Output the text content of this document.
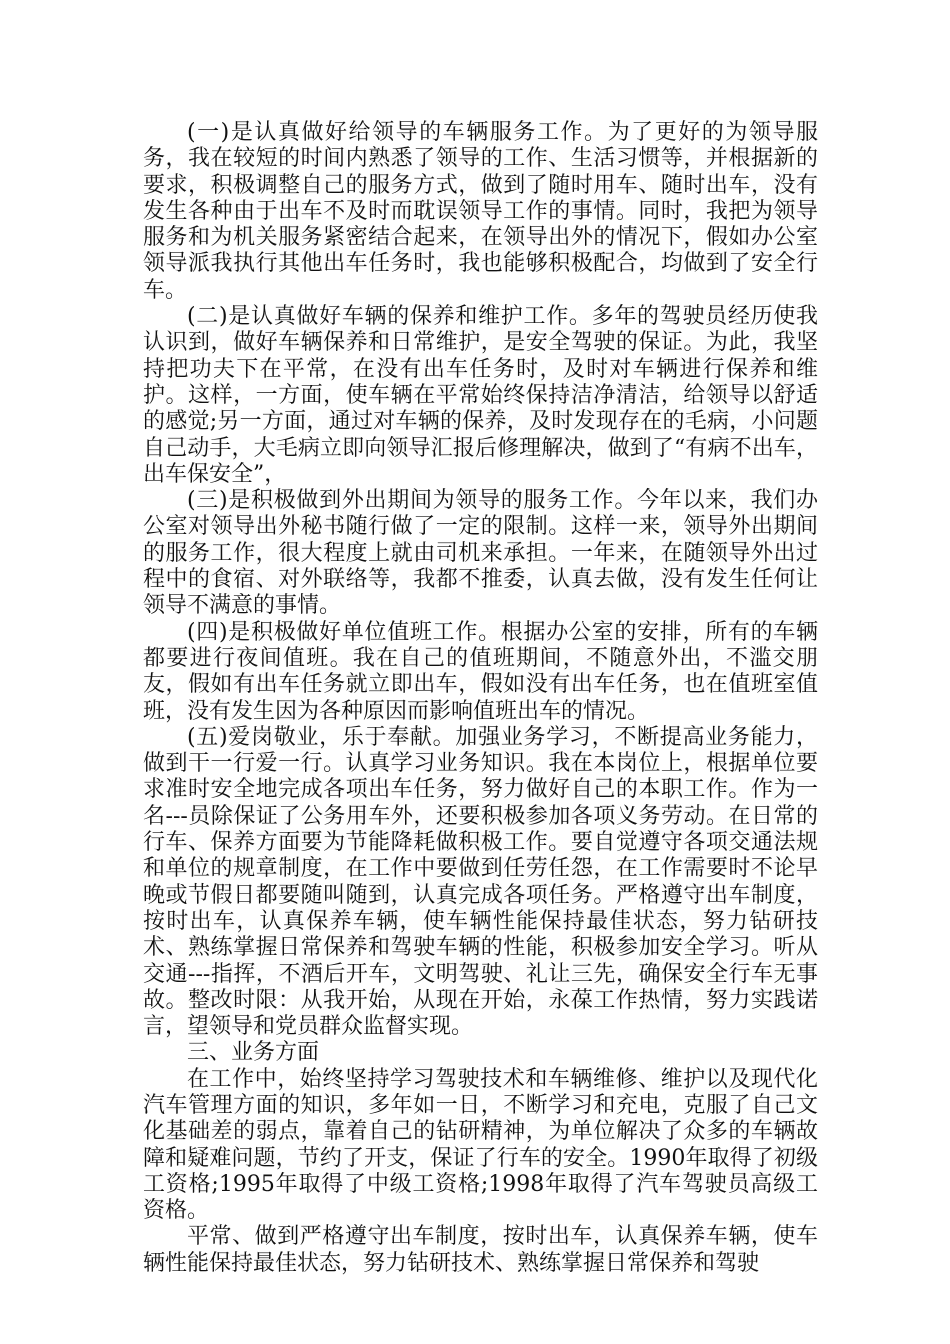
(一)是认真做好给领导的车辆服务工作。为了更好的为领导服务，我在较短的时间内熟悉了领导的工作、生活习惯等，并根据新的要求，积极调整自己的服务方式，做到了随时用车、随时出车，没有发生各种由于出车不及时而耽误领导工作的事情。同时，我把为领导服务和为机关服务紧密结合起来，在领导出外的情况下，假如办公室领导派我执行其他出车任务时，我也能够积极配合，均做到了安全行车。

(二)是认真做好车辆的保养和维护工作。多年的驾驶员经历使我认识到，做好车辆保养和日常维护，是安全驾驶的保证。为此，我坚持把功夫下在平常，在没有出车任务时，及时对车辆进行保养和维护。这样，一方面，使车辆在平常始终保持洁净清洁，给领导以舒适的感觉;另一方面，通过对车辆的保养，及时发现存在的毛病，小问题自己动手，大毛病立即向领导汇报后修理解决，做到了“有病不出车，出车保安全”，

(三)是积极做到外出期间为领导的服务工作。今年以来，我们办公室对领导出外秘书随行做了一定的限制。这样一来，领导外出期间的服务工作，很大程度上就由司机来承担。一年来，在随领导外出过程中的食宿、对外联络等，我都不推委，认真去做，没有发生任何让领导不满意的事情。

(四)是积极做好单位值班工作。根据办公室的安排，所有的车辆都要进行夜间值班。我在自己的值班期间，不随意外出，不滥交朋友，假如有出车任务就立即出车，假如没有出车任务，也在值班室值班，没有发生因为各种原因而影响值班出车的情况。

(五)爱岗敬业，乐于奉献。加强业务学习，不断提高业务能力，做到干一行爱一行。认真学习业务知识。我在本岗位上，根据单位要求准时安全地完成各项出车任务，努力做好自己的本职工作。作为一名---员除保证了公务用车外，还要积极参加各项义务劳动。在日常的行车、保养方面要为节能降耗做积极工作。要自觉遵守各项交通法规和单位的规章制度，在工作中要做到任劳任怨，在工作需要时不论早晚或节假日都要随叫随到，认真完成各项任务。严格遵守出车制度，按时出车，认真保养车辆，使车辆性能保持最佳状态，努力钻研技术、熟练掌握日常保养和驾驶车辆的性能，积极参加安全学习。听从交通---指挥，不酒后开车，文明驾驶、礼让三先，确保安全行车无事故。整改时限：从我开始，从现在开始，永葆工作热情，努力实践诺言，望领导和党员群众监督实现。

三、业务方面

在工作中，始终坚持学习驾驶技术和车辆维修、维护以及现代化汽车管理方面的知识，多年如一日，不断学习和充电，克服了自己文化基础差的弱点，靠着自己的钻研精神，为单位解决了众多的车辆故障和疑难问题，节约了开支，保证了行车的安全。1990年取得了初级工资格;1995年取得了中级工资格;1998年取得了汽车驾驶员高级工资格。

平常、做到严格遵守出车制度，按时出车，认真保养车辆，使车辆性能保持最佳状态，努力钻研技术、熟练掌握日常保养和驾驶
